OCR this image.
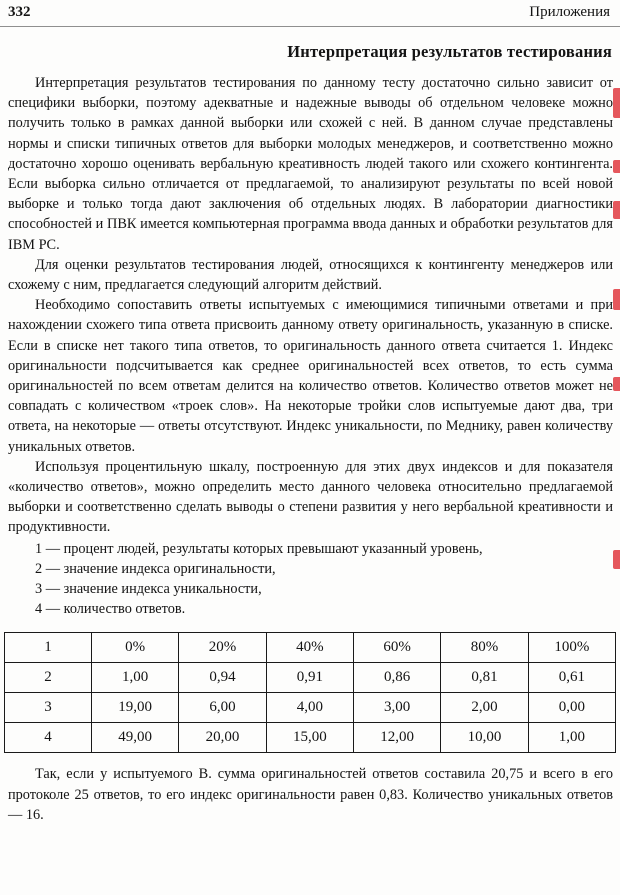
332	Приложения
Интерпретация результатов тестирования

Интерпретация результатов тестирования по данному тесту достаточно сильно зависит от специфики выборки, поэтому адекватные и надежные выводы об отдельном человеке можно получить только в рамках данной выборки или схожей с ней. В данном случае представлены нормы и списки типичных ответов для выборки молодых менеджеров, и соответственно можно достаточно хорошо оценивать вербальную креативность людей такого или схожего контингента. Если выборка сильно отличается от предлагаемой, то анализируют результаты по всей новой выборке и только тогда дают заключения об отдельных людях. В лаборатории диагностики способностей и ПВК имеется компьютерная программа ввода данных и обработки результатов для IBM PC.

Для оценки результатов тестирования людей, относящихся к контингенту менеджеров или схожему с ним, предлагается следующий алгоритм действий.

Необходимо сопоставить ответы испытуемых с имеющимися типичными ответами и при нахождении схожего типа ответа присвоить данному ответу оригинальность, указанную в списке. Если в списке нет такого типа ответов, то оригинальность данного ответа считается 1. Индекс оригинальности подсчитывается как среднее оригинальностей всех ответов, то есть сумма оригинальностей по всем ответам делится на количество ответов. Количество ответов может не совпадать с количеством «троек слов». На некоторые тройки слов испытуемые дают два, три ответа, на некоторые — ответы отсутствуют. Индекс уникальности, по Меднику, равен количеству уникальных ответов.

Используя процентильную шкалу, построенную для этих двух индексов и для показателя «количество ответов», можно определить место данного человека относительно предлагаемой выборки и соответственно сделать выводы о степени развития у него вербальной креативности и продуктивности.

1 — процент людей, результаты которых превышают указанный уровень,
2 — значение индекса оригинальности,
3 — значение индекса уникальности,
4 — количество ответов.
1	0%	20%	40%	60%	80%	100%
2	1,00	0,94	0,91	0,86	0,81	0,61
3	19,00	6,00	4,00	3,00	2,00	0,00
4	49,00	20,00	15,00	12,00	10,00	1,00

Так, если у испытуемого В. сумма оригинальностей ответов составила 20,75 и всего в его протоколе 25 ответов, то его индекс оригинальности равен 0,83. Количество уникальных ответов — 16.
